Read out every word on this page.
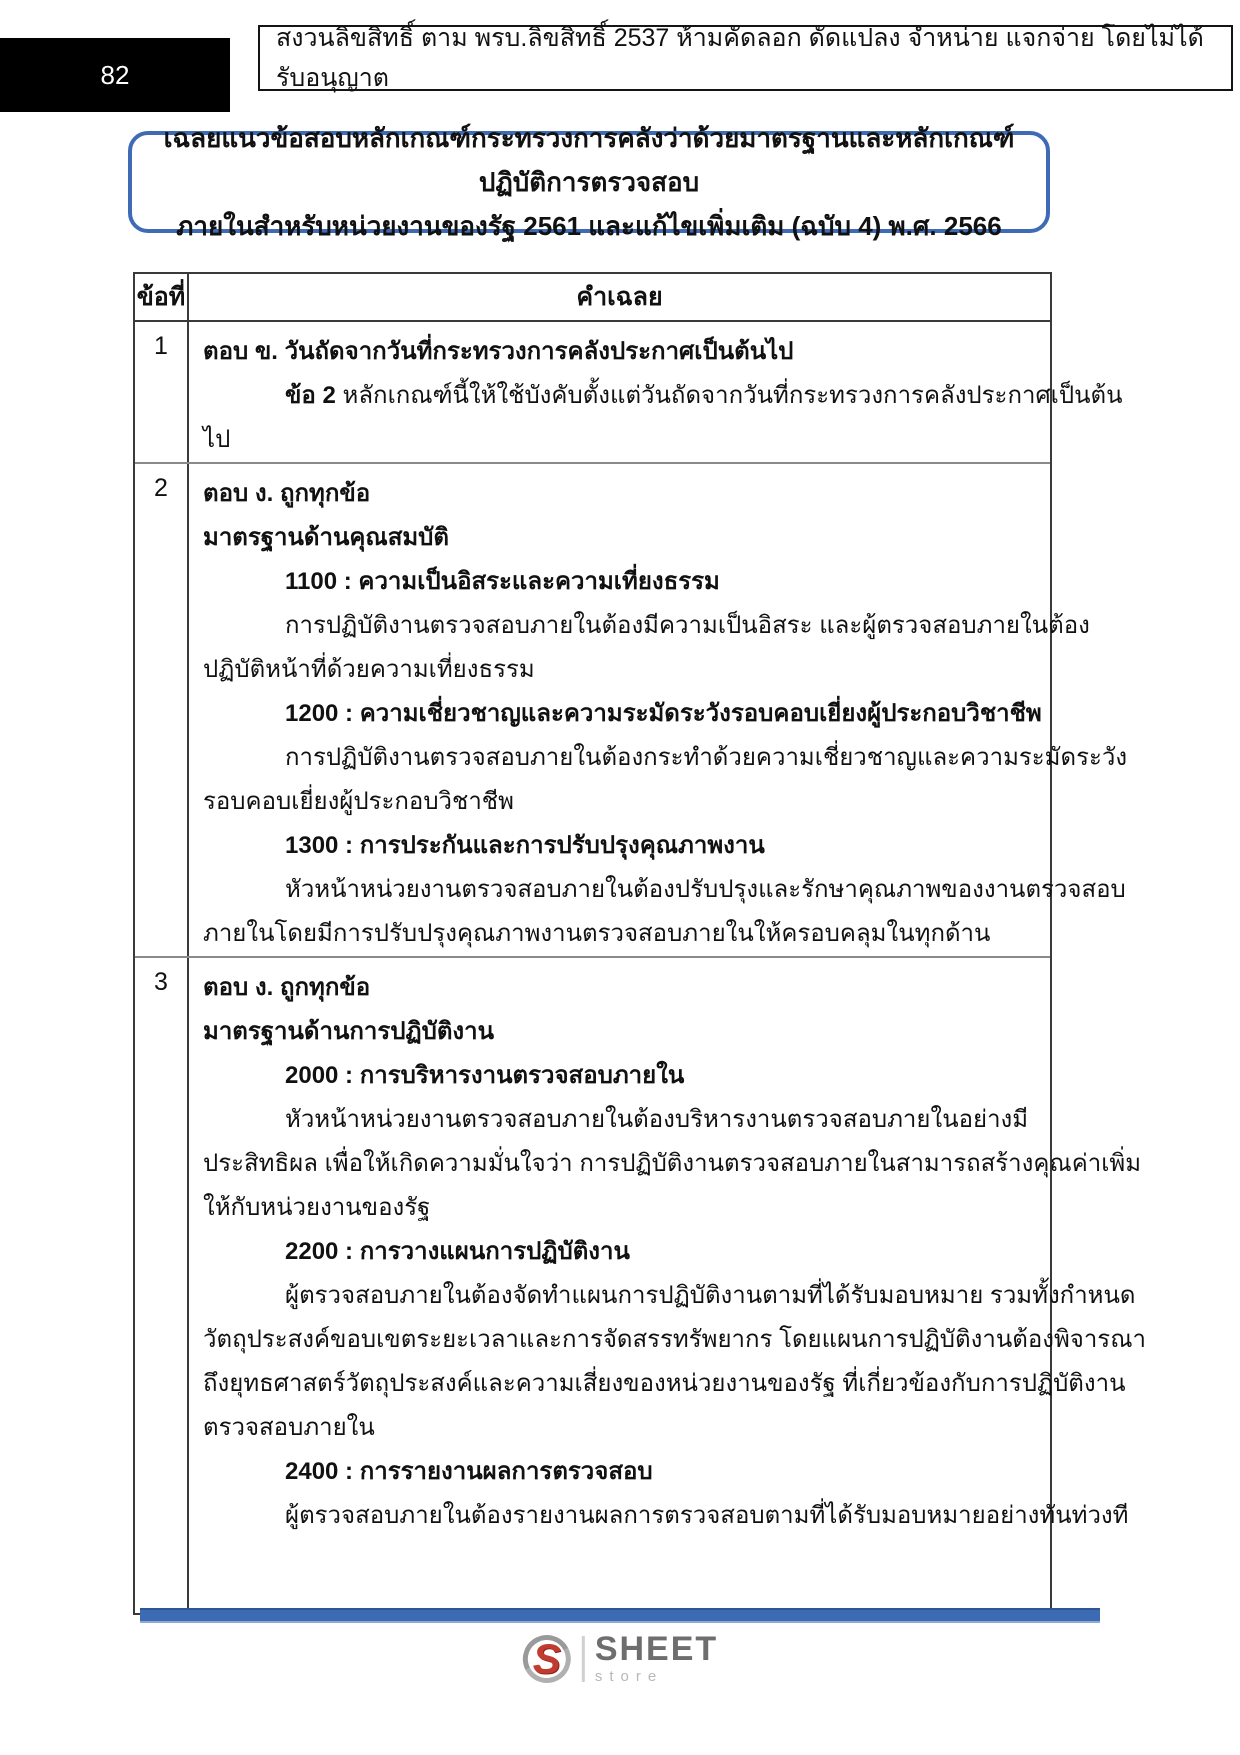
82
สงวนลิขสิทธิ์ ตาม พรบ.ลิขสิทธิ์ 2537 ห้ามคัดลอก ดัดแปลง จำหน่าย แจกจ่าย โดยไม่ได้รับอนุญาต
เฉลยแนวข้อสอบหลักเกณฑ์กระทรวงการคลังว่าด้วยมาตรฐานและหลักเกณฑ์ปฏิบัติการตรวจสอบ
ภายในสำหรับหน่วยงานของรัฐ 2561 และแก้ไขเพิ่มเติม (ฉบับ 4) พ.ศ. 2566
ข้อที่	คำเฉลย
1	ตอบ ข. วันถัดจากวันที่กระทรวงการคลังประกาศเป็นต้นไป
ข้อ 2 หลักเกณฑ์นี้ให้ใช้บังคับตั้งแต่วันถัดจากวันที่กระทรวงการคลังประกาศเป็นต้น
ไป
2	ตอบ ง. ถูกทุกข้อ
มาตรฐานด้านคุณสมบัติ
1100 : ความเป็นอิสระและความเที่ยงธรรม
การปฏิบัติงานตรวจสอบภายในต้องมีความเป็นอิสระ และผู้ตรวจสอบภายในต้อง
ปฏิบัติหน้าที่ด้วยความเที่ยงธรรม
1200 : ความเชี่ยวชาญและความระมัดระวังรอบคอบเยี่ยงผู้ประกอบวิชาชีพ
การปฏิบัติงานตรวจสอบภายในต้องกระทำด้วยความเชี่ยวชาญและความระมัดระวัง
รอบคอบเยี่ยงผู้ประกอบวิชาชีพ
1300 : การประกันและการปรับปรุงคุณภาพงาน
หัวหน้าหน่วยงานตรวจสอบภายในต้องปรับปรุงและรักษาคุณภาพของงานตรวจสอบ
ภายในโดยมีการปรับปรุงคุณภาพงานตรวจสอบภายในให้ครอบคลุมในทุกด้าน
3	ตอบ ง. ถูกทุกข้อ
มาตรฐานด้านการปฏิบัติงาน
2000 : การบริหารงานตรวจสอบภายใน
หัวหน้าหน่วยงานตรวจสอบภายในต้องบริหารงานตรวจสอบภายในอย่างมี
ประสิทธิผล เพื่อให้เกิดความมั่นใจว่า การปฏิบัติงานตรวจสอบภายในสามารถสร้างคุณค่าเพิ่ม
ให้กับหน่วยงานของรัฐ
2200 : การวางแผนการปฏิบัติงาน
ผู้ตรวจสอบภายในต้องจัดทำแผนการปฏิบัติงานตามที่ได้รับมอบหมาย รวมทั้งกำหนด
วัตถุประสงค์ขอบเขตระยะเวลาและการจัดสรรทรัพยากร โดยแผนการปฏิบัติงานต้องพิจารณา
ถึงยุทธศาสตร์วัตถุประสงค์และความเสี่ยงของหน่วยงานของรัฐ ที่เกี่ยวข้องกับการปฏิบัติงาน
ตรวจสอบภายใน
2400 : การรายงานผลการตรวจสอบ
ผู้ตรวจสอบภายในต้องรายงานผลการตรวจสอบตามที่ได้รับมอบหมายอย่างทันท่วงที
S	SHEET
store
